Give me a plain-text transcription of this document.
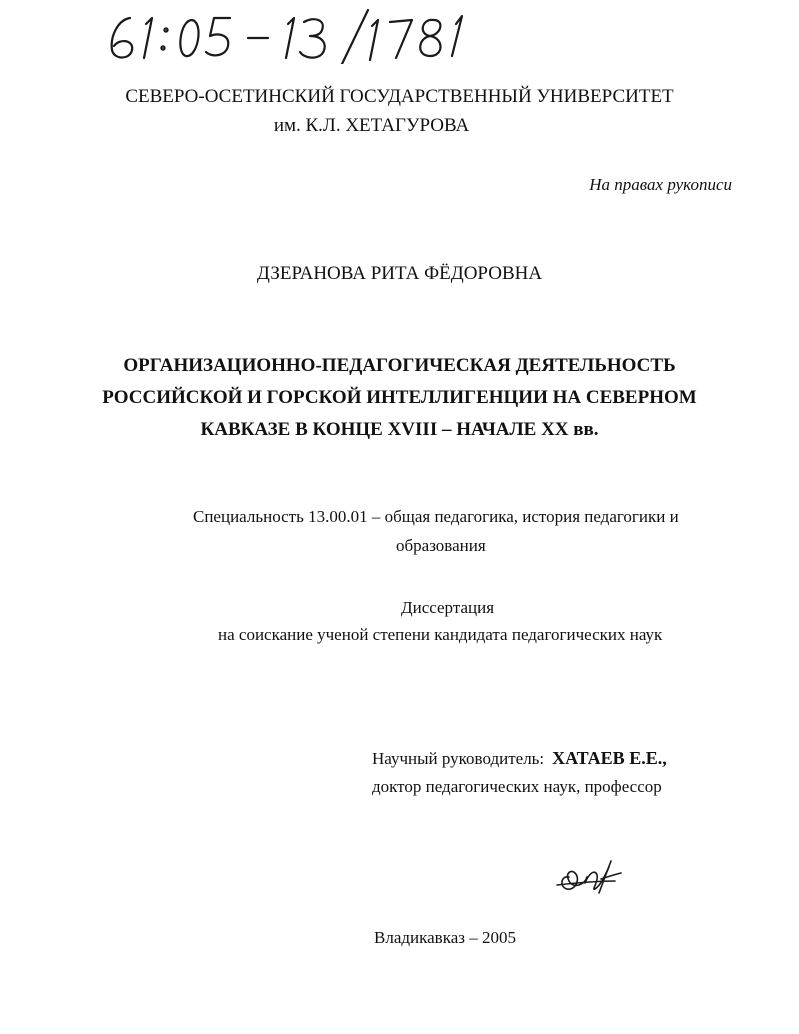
СЕВЕРО-ОСЕТИНСКИЙ ГОСУДАРСТВЕННЫЙ УНИВЕРСИТЕТ
им. К.Л. ХЕТАГУРОВА
На правах рукописи
ДЗЕРАНОВА РИТА ФЁДОРОВНА
ОРГАНИЗАЦИОННО-ПЕДАГОГИЧЕСКАЯ ДЕЯТЕЛЬНОСТЬ
РОССИЙСКОЙ И ГОРСКОЙ ИНТЕЛЛИГЕНЦИИ НА СЕВЕРНОМ
КАВКАЗЕ В КОНЦЕ XVIII – НАЧАЛЕ XX вв.
Специальность 13.00.01 – общая педагогика, история педагогики и
образования
Диссертация
на соискание ученой степени кандидата педагогических наук
Научный руководитель: ХАТАЕВ Е.Е.,
доктор педагогических наук, профессор
Владикавказ – 2005
